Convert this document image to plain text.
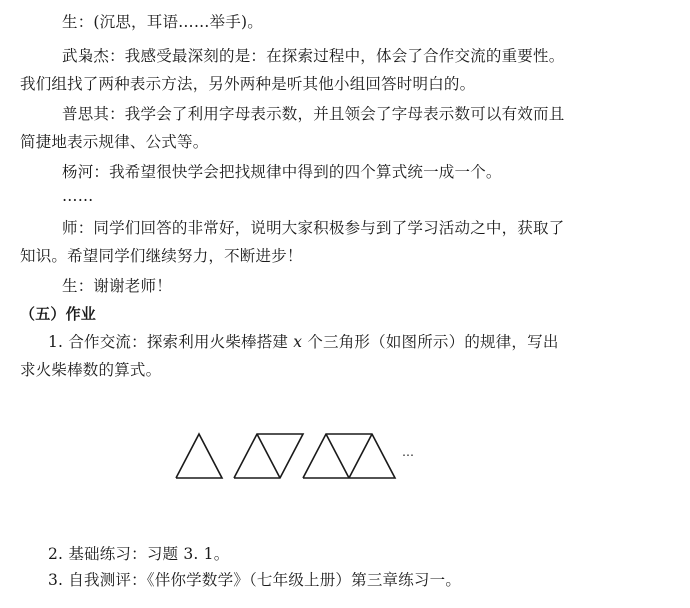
生：(沉思，耳语……举手)。
武枭杰：我感受最深刻的是：在探索过程中，体会了合作交流的重要性。
我们组找了两种表示方法，另外两种是听其他小组回答时明白的。
普思其：我学会了利用字母表示数，并且领会了字母表示数可以有效而且
简捷地表示规律、公式等。
杨河：我希望很快学会把找规律中得到的四个算式统一成一个。
……
师：同学们回答的非常好，说明大家积极参与到了学习活动之中，获取了
知识。希望同学们继续努力，不断进步！
生：谢谢老师！
（五）作业
1. 合作交流：探索利用火柴棒搭建 x 个三角形（如图所示）的规律，写出
求火柴棒数的算式。
…
2. 基础练习：习题 3. 1。
3. 自我测评：《伴你学数学》（七年级上册）第三章练习一。
